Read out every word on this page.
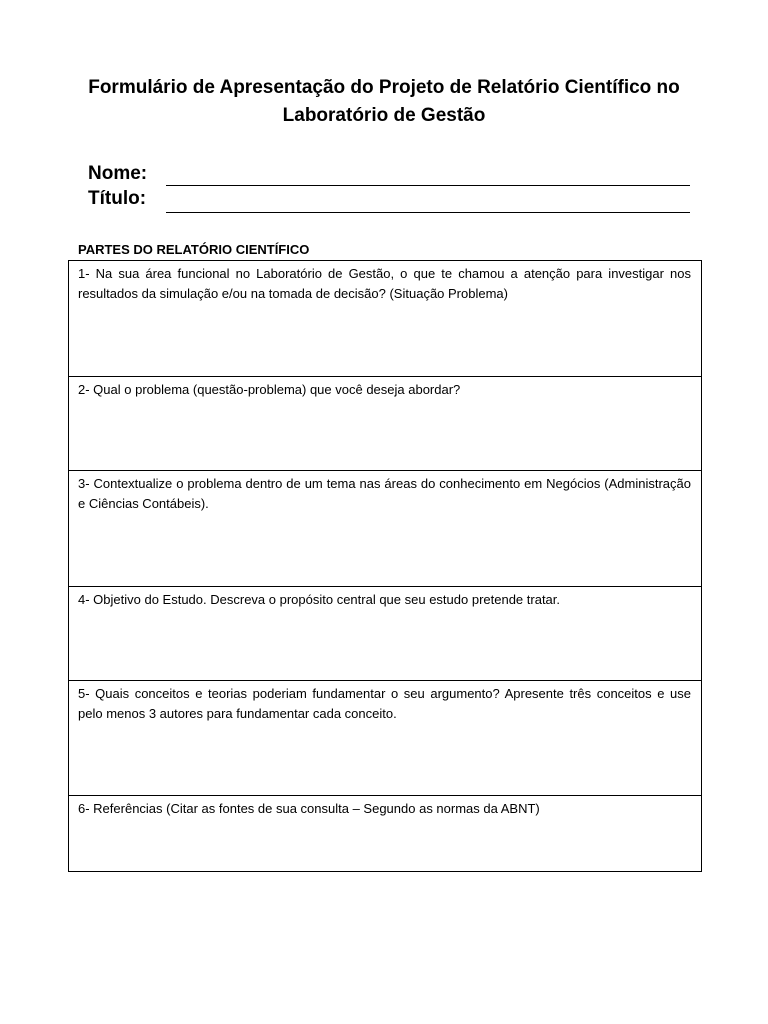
Formulário de Apresentação do Projeto de Relatório Científico no Laboratório de Gestão
Nome:
Título:
PARTES DO RELATÓRIO CIENTÍFICO
1- Na sua área funcional no Laboratório de Gestão, o que te chamou a atenção para investigar nos resultados da simulação e/ou na tomada de decisão? (Situação Problema)
2- Qual o problema (questão-problema) que você deseja abordar?
3- Contextualize o problema dentro de um tema nas áreas do conhecimento em Negócios (Administração e Ciências Contábeis).
4- Objetivo do Estudo. Descreva o propósito central que seu estudo pretende tratar.
5- Quais conceitos e teorias poderiam fundamentar o seu argumento? Apresente três conceitos e use pelo menos 3 autores para fundamentar cada conceito.
6- Referências (Citar as fontes de sua consulta – Segundo as normas da ABNT)
